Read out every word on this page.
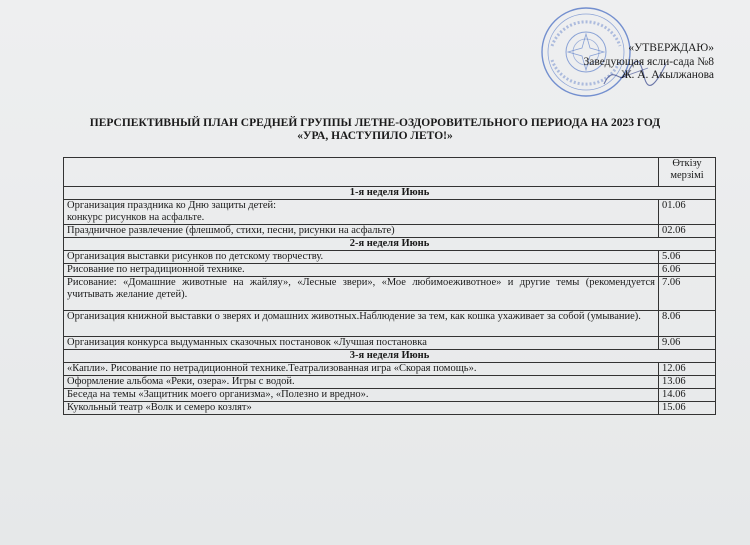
«УТВЕРЖДАЮ»
Заведующая ясли-сада №8
Ж. А. Акылжанова
ПЕРСПЕКТИВНЫЙ ПЛАН СРЕДНЕЙ ГРУППЫ ЛЕТНЕ-ОЗДОРОВИТЕЛЬНОГО ПЕРИОДА НА 2023 ГОД
«УРА, НАСТУПИЛО ЛЕТО!»
	Өткізу мерзімі
1-я неделя Июнь	
Организация праздника ко Дню защиты детей:
конкурс рисунков на асфальте.	01.06
Праздничное развлечение (флешмоб, стихи, песни, рисунки на асфальте)	02.06
2-я неделя Июнь	
Организация выставки рисунков по детскому творчеству.	5.06
Рисование по нетрадиционной технике.	6.06
Рисование: «Домашние животные на жайляу», «Лесные звери», «Мое любимоеживотное» и другие темы (рекомендуется учитывать желание детей).	7.06
Организация книжной выставки о зверях и домашних животных.Наблюдение за тем, как кошка ухаживает за собой (умывание).	8.06
Организация конкурса выдуманных сказочных постановок «Лучшая постановка	9.06
3-я неделя Июнь	
«Капли». Рисование по нетрадиционной технике.Театрализованная игра «Скорая помощь».	12.06
Оформление альбома «Реки, озера». Игры с водой.	13.06
Беседа на темы «Защитник моего организма», «Полезно и вредно».	14.06
Кукольный театр «Волк и семеро козлят»	15.06
